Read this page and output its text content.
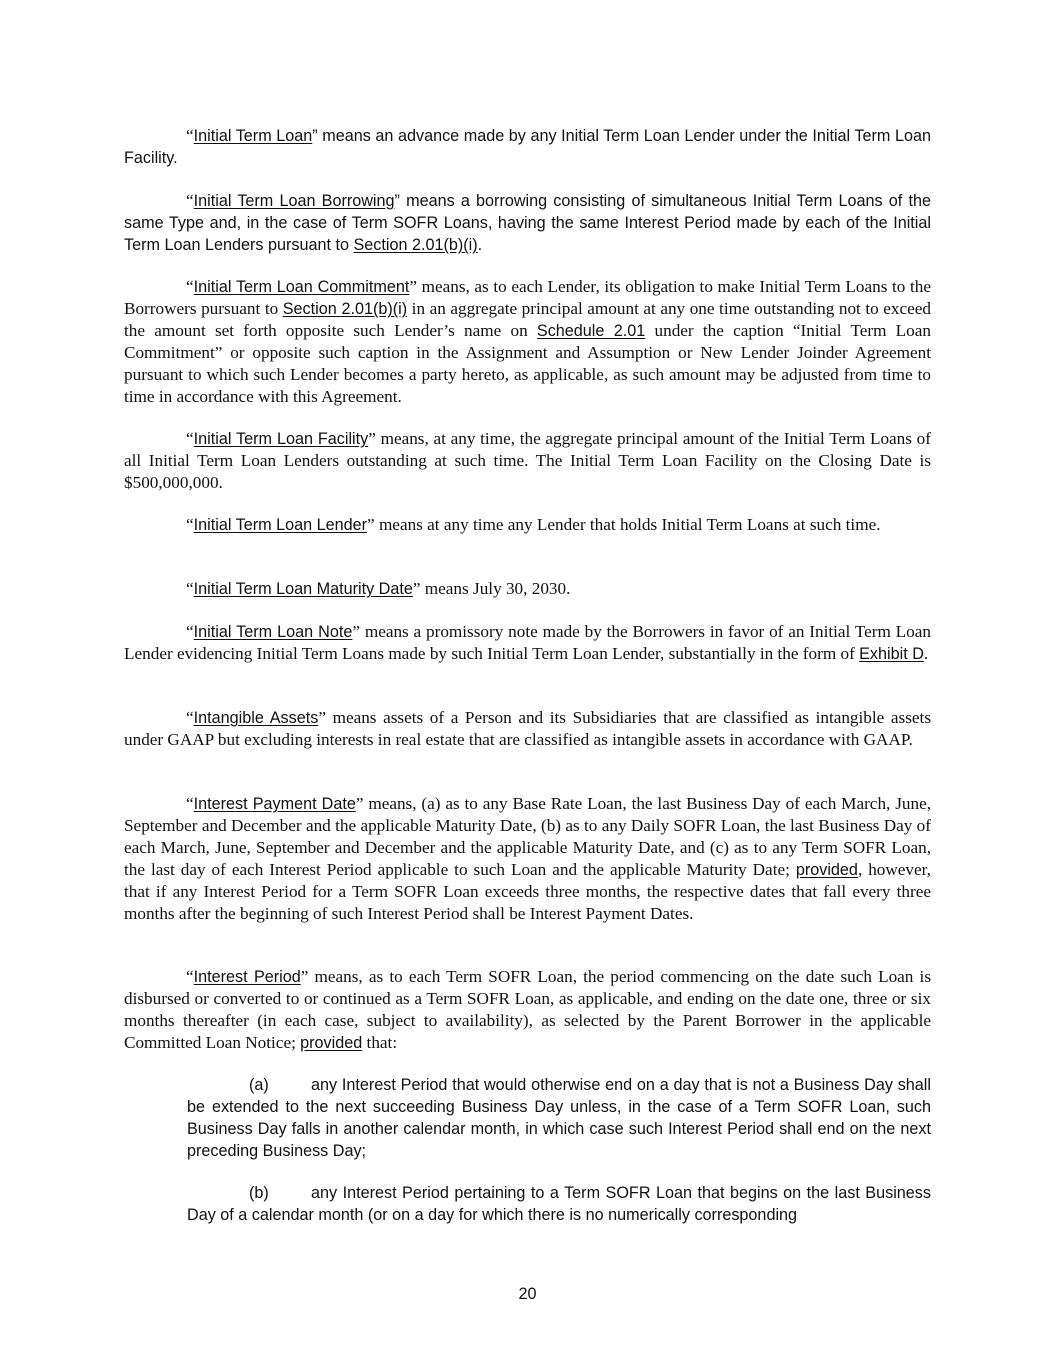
“Initial Term Loan” means an advance made by any Initial Term Loan Lender under the Initial Term Loan Facility.

“Initial Term Loan Borrowing” means a borrowing consisting of simultaneous Initial Term Loans of the same Type and, in the case of Term SOFR Loans, having the same Interest Period made by each of the Initial Term Loan Lenders pursuant to Section 2.01(b)(i).

“Initial Term Loan Commitment” means, as to each Lender, its obligation to make Initial Term Loans to the Borrowers pursuant to Section 2.01(b)(i) in an aggregate principal amount at any one time outstanding not to exceed the amount set forth opposite such Lender’s name on Schedule 2.01 under the caption “Initial Term Loan Commitment” or opposite such caption in the Assignment and Assumption or New Lender Joinder Agreement pursuant to which such Lender becomes a party hereto, as applicable, as such amount may be adjusted from time to time in accordance with this Agreement.

“Initial Term Loan Facility” means, at any time, the aggregate principal amount of the Initial Term Loans of all Initial Term Loan Lenders outstanding at such time. The Initial Term Loan Facility on the Closing Date is $500,000,000.

“Initial Term Loan Lender” means at any time any Lender that holds Initial Term Loans at such time.

“Initial Term Loan Maturity Date” means July 30, 2030.

“Initial Term Loan Note” means a promissory note made by the Borrowers in favor of an Initial Term Loan Lender evidencing Initial Term Loans made by such Initial Term Loan Lender, substantially in the form of Exhibit D.

“Intangible Assets” means assets of a Person and its Subsidiaries that are classified as intangible assets under GAAP but excluding interests in real estate that are classified as intangible assets in accordance with GAAP.

“Interest Payment Date” means, (a) as to any Base Rate Loan, the last Business Day of each March, June, September and December and the applicable Maturity Date, (b) as to any Daily SOFR Loan, the last Business Day of each March, June, September and December and the applicable Maturity Date, and (c) as to any Term SOFR Loan, the last day of each Interest Period applicable to such Loan and the applicable Maturity Date; provided, however, that if any Interest Period for a Term SOFR Loan exceeds three months, the respective dates that fall every three months after the beginning of such Interest Period shall be Interest Payment Dates.

“Interest Period” means, as to each Term SOFR Loan, the period commencing on the date such Loan is disbursed or converted to or continued as a Term SOFR Loan, as applicable, and ending on the date one, three or six months thereafter (in each case, subject to availability), as selected by the Parent Borrower in the applicable Committed Loan Notice; provided that:

(a)	any Interest Period that would otherwise end on a day that is not a Business Day shall be extended to the next succeeding Business Day unless, in the case of a Term SOFR Loan, such Business Day falls in another calendar month, in which case such Interest Period shall end on the next preceding Business Day;

(b)	any Interest Period pertaining to a Term SOFR Loan that begins on the last Business Day of a calendar month (or on a day for which there is no numerically corresponding

20
